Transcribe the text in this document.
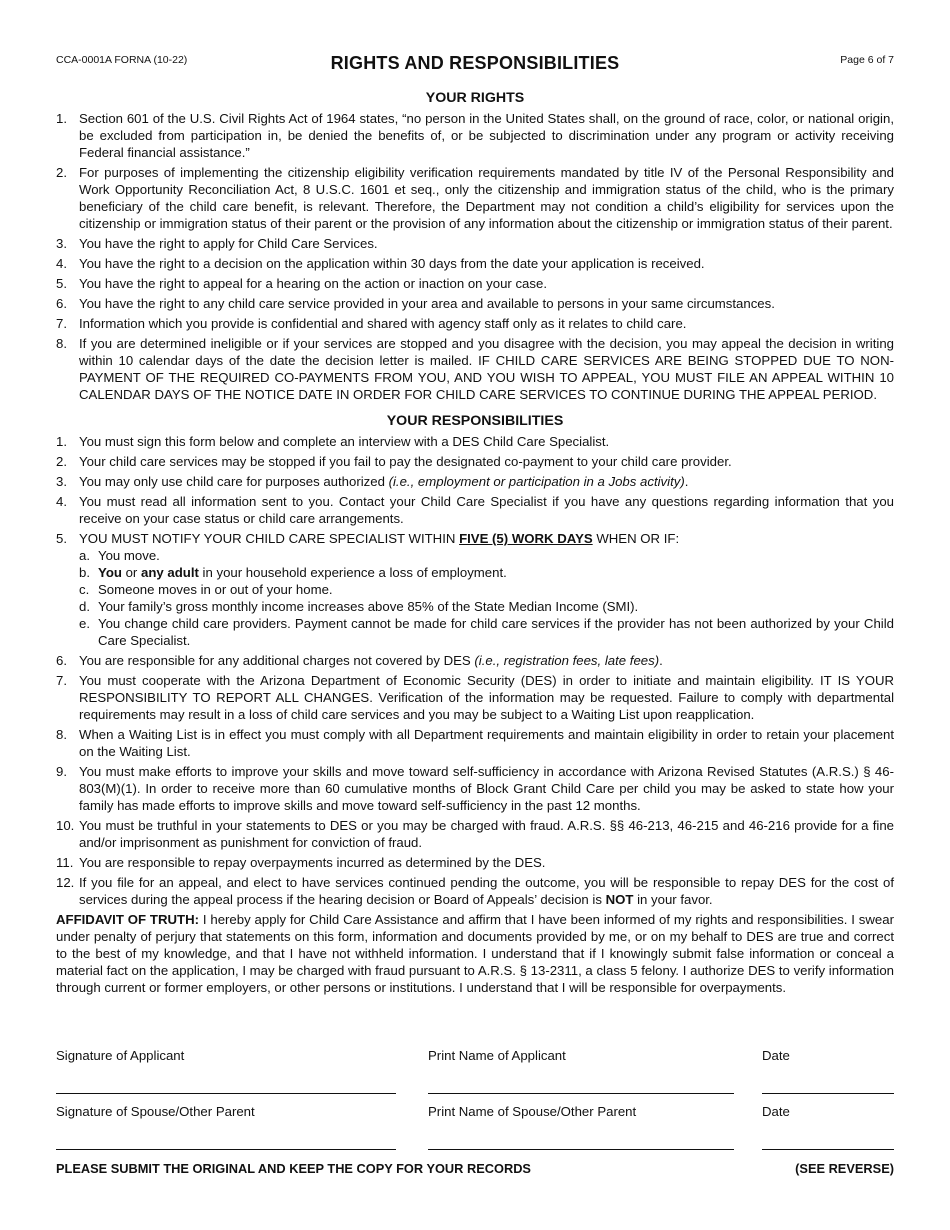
CCA-0001A FORNA (10-22)	RIGHTS AND RESPONSIBILITIES	Page 6 of 7
YOUR RIGHTS
1. Section 601 of the U.S. Civil Rights Act of 1964 states, “no person in the United States shall, on the ground of race, color, or national origin, be excluded from participation in, be denied the benefits of, or be subjected to discrimination under any program or activity receiving Federal financial assistance.”
2. For purposes of implementing the citizenship eligibility verification requirements mandated by title IV of the Personal Responsibility and Work Opportunity Reconciliation Act, 8 U.S.C. 1601 et seq., only the citizenship and immigration status of the child, who is the primary beneficiary of the child care benefit, is relevant. Therefore, the Department may not condition a child’s eligibility for services upon the citizenship or immigration status of their parent or the provision of any information about the citizenship or immigration status of their parent.
3. You have the right to apply for Child Care Services.
4. You have the right to a decision on the application within 30 days from the date your application is received.
5. You have the right to appeal for a hearing on the action or inaction on your case.
6. You have the right to any child care service provided in your area and available to persons in your same circumstances.
7. Information which you provide is confidential and shared with agency staff only as it relates to child care.
8. If you are determined ineligible or if your services are stopped and you disagree with the decision, you may appeal the decision in writing within 10 calendar days of the date the decision letter is mailed. IF CHILD CARE SERVICES ARE BEING STOPPED DUE TO NON-PAYMENT OF THE REQUIRED CO-PAYMENTS FROM YOU, AND YOU WISH TO APPEAL, YOU MUST FILE AN APPEAL WITHIN 10 CALENDAR DAYS OF THE NOTICE DATE IN ORDER FOR CHILD CARE SERVICES TO CONTINUE DURING THE APPEAL PERIOD.
YOUR RESPONSIBILITIES
1. You must sign this form below and complete an interview with a DES Child Care Specialist.
2. Your child care services may be stopped if you fail to pay the designated co-payment to your child care provider.
3. You may only use child care for purposes authorized (i.e., employment or participation in a Jobs activity).
4. You must read all information sent to you. Contact your Child Care Specialist if you have any questions regarding information that you receive on your case status or child care arrangements.
5. YOU MUST NOTIFY YOUR CHILD CARE SPECIALIST WITHIN FIVE (5) WORK DAYS WHEN OR IF:
a. You move.
b. You or any adult in your household experience a loss of employment.
c. Someone moves in or out of your home.
d. Your family’s gross monthly income increases above 85% of the State Median Income (SMI).
e. You change child care providers. Payment cannot be made for child care services if the provider has not been authorized by your Child Care Specialist.
6. You are responsible for any additional charges not covered by DES (i.e., registration fees, late fees).
7. You must cooperate with the Arizona Department of Economic Security (DES) in order to initiate and maintain eligibility. IT IS YOUR RESPONSIBILITY TO REPORT ALL CHANGES. Verification of the information may be requested. Failure to comply with departmental requirements may result in a loss of child care services and you may be subject to a Waiting List upon reapplication.
8. When a Waiting List is in effect you must comply with all Department requirements and maintain eligibility in order to retain your placement on the Waiting List.
9. You must make efforts to improve your skills and move toward self-sufficiency in accordance with Arizona Revised Statutes (A.R.S.) § 46-803(M)(1). In order to receive more than 60 cumulative months of Block Grant Child Care per child you may be asked to state how your family has made efforts to improve skills and move toward self-sufficiency in the past 12 months.
10. You must be truthful in your statements to DES or you may be charged with fraud. A.R.S. §§ 46-213, 46-215 and 46-216 provide for a fine and/or imprisonment as punishment for conviction of fraud.
11. You are responsible to repay overpayments incurred as determined by the DES.
12. If you file for an appeal, and elect to have services continued pending the outcome, you will be responsible to repay DES for the cost of services during the appeal process if the hearing decision or Board of Appeals’ decision is NOT in your favor.
AFFIDAVIT OF TRUTH: I hereby apply for Child Care Assistance and affirm that I have been informed of my rights and responsibilities. I swear under penalty of perjury that statements on this form, information and documents provided by me, or on my behalf to DES are true and correct to the best of my knowledge, and that I have not withheld information. I understand that if I knowingly submit false information or conceal a material fact on the application, I may be charged with fraud pursuant to A.R.S. § 13-2311, a class 5 felony. I authorize DES to verify information through current or former employers, or other persons or institutions. I understand that I will be responsible for overpayments.
Signature of Applicant	Print Name of Applicant	Date
Signature of Spouse/Other Parent	Print Name of Spouse/Other Parent	Date
PLEASE SUBMIT THE ORIGINAL AND KEEP THE COPY FOR YOUR RECORDS	(SEE REVERSE)
